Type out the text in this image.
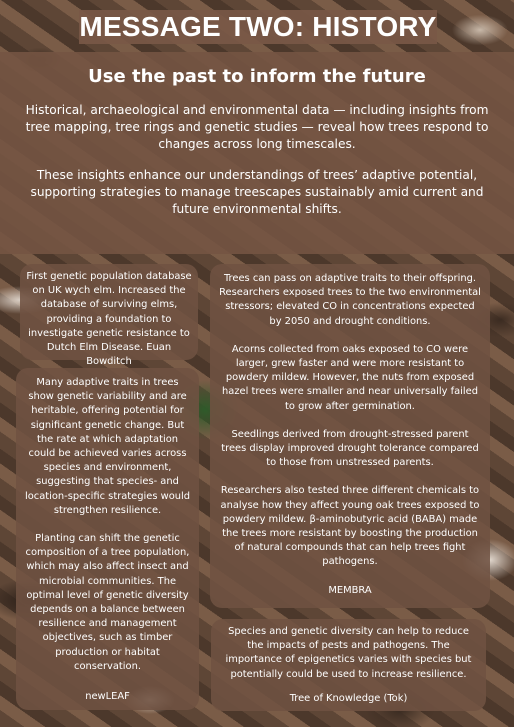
MESSAGE TWO: HISTORY
Use the past to inform the future

Historical, archaeological and environmental data — including insights from tree mapping, tree rings and genetic studies — reveal how trees respond to changes across long timescales.

These insights enhance our understandings of trees’ adaptive potential, supporting strategies to manage treescapes sustainably amid current and future environmental shifts.

First genetic population database on UK wych elm. Increased the database of surviving elms, providing a foundation to investigate genetic resistance to Dutch Elm Disease. Euan Bowditch

Many adaptive traits in trees show genetic variability and are heritable, offering potential for significant genetic change. But the rate at which adaptation could be achieved varies across species and environment, suggesting that species- and location-specific strategies would strengthen resilience.

Planting can shift the genetic composition of a tree population, which may also affect insect and microbial communities. The optimal level of genetic diversity depends on a balance between resilience and management objectives, such as timber production or habitat conservation.

newLEAF

Trees can pass on adaptive traits to their offspring. Researchers exposed trees to the two environmental stressors; elevated CO in concentrations expected by 2050 and drought conditions.

Acorns collected from oaks exposed to CO were larger, grew faster and were more resistant to powdery mildew. However, the nuts from exposed hazel trees were smaller and near universally failed to grow after germination.

Seedlings derived from drought-stressed parent trees display improved drought tolerance compared to those from unstressed parents.

Researchers also tested three different chemicals to analyse how they affect young oak trees exposed to powdery mildew. β-aminobutyric acid (BABA) made the trees more resistant by boosting the production of natural compounds that can help trees fight pathogens.

MEMBRA

Species and genetic diversity can help to reduce the impacts of pests and pathogens. The importance of epigenetics varies with species but potentially could be used to increase resilience.

Tree of Knowledge (Tok)
